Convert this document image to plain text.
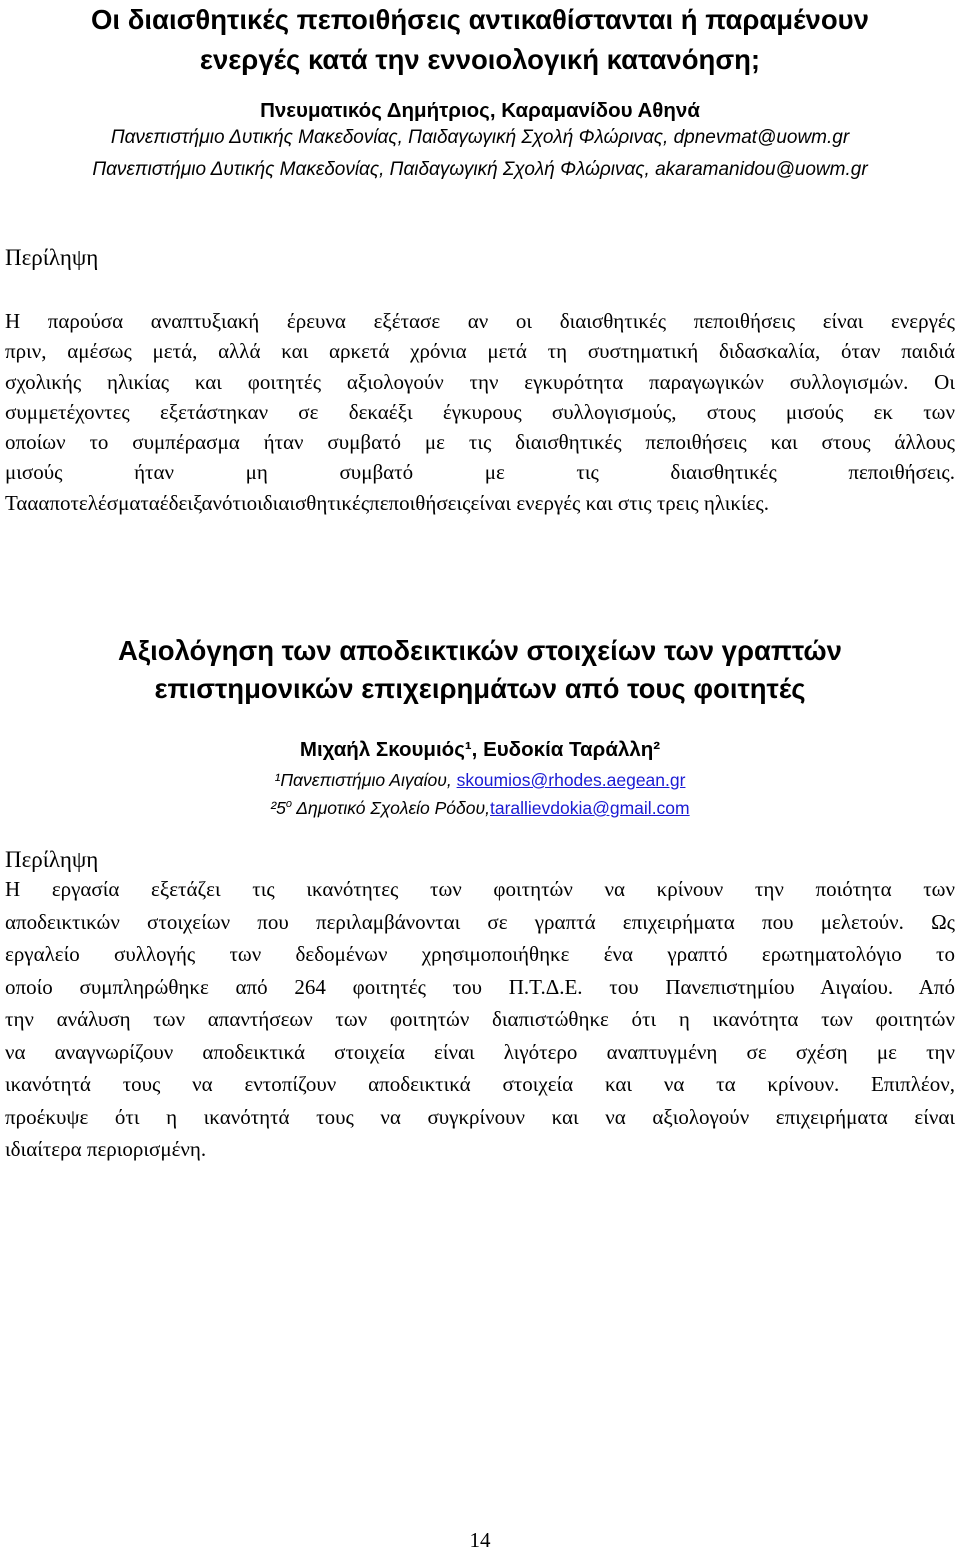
Οι διαισθητικές πεποιθήσεις αντικαθίστανται ή παραμένουν
ενεργές κατά την εννοιολογική κατανόηση;
Πνευματικός Δημήτριος, Καραμανίδου Αθηνά
Πανεπιστήμιο Δυτικής Μακεδονίας, Παιδαγωγική Σχολή Φλώρινας, dpnevmat@uowm.gr
Πανεπιστήμιο Δυτικής Μακεδονίας, Παιδαγωγική Σχολή Φλώρινας, akaramanidou@uowm.gr
Περίληψη
Η παρούσα αναπτυξιακή έρευνα εξέτασε αν οι διαισθητικές πεποιθήσεις είναι ενεργές
πριν, αμέσως μετά, αλλά και αρκετά χρόνια μετά τη συστηματική διδασκαλία, όταν παιδιά
σχολικής ηλικίας και φοιτητές αξιολογούν την εγκυρότητα παραγωγικών συλλογισμών. Οι
συμμετέχοντες εξετάστηκαν σε δεκαέξι έγκυρους συλλογισμούς, στους μισούς εκ των
οποίων το συμπέρασμα ήταν συμβατό με τις διαισθητικές πεποιθήσεις και στους άλλους
μισούς ήταν μη συμβατό με τις διαισθητικές πεποιθήσεις.
Ταααποτελέσματαέδειξανότιοιδιαισθητικέςπεποιθήσειςείναι ενεργές και στις τρεις ηλικίες.
Αξιολόγηση των αποδεικτικών στοιχείων των γραπτών
επιστημονικών επιχειρημάτων από τους φοιτητές
Μιχαήλ Σκουμιός¹, Ευδοκία Ταράλλη²
¹Πανεπιστήμιο Αιγαίου, skoumios@rhodes.aegean.gr
$^25^o$ Δημοτικό Σχολείο Ρόδου,tarallievdokia@gmail.com
Περίληψη
Η εργασία εξετάζει τις ικανότητες των φοιτητών να κρίνουν την ποιότητα των
αποδεικτικών στοιχείων που περιλαμβάνονται σε γραπτά επιχειρήματα που μελετούν. Ως
εργαλείο συλλογής των δεδομένων χρησιμοποιήθηκε ένα γραπτό ερωτηματολόγιο το
οποίο συμπληρώθηκε από 264 φοιτητές του Π.Τ.Δ.Ε. του Πανεπιστημίου Αιγαίου. Από
την ανάλυση των απαντήσεων των φοιτητών διαπιστώθηκε ότι η ικανότητα των φοιτητών
να αναγνωρίζουν αποδεικτικά στοιχεία είναι λιγότερο αναπτυγμένη σε σχέση με την
ικανότητά τους να εντοπίζουν αποδεικτικά στοιχεία και να τα κρίνουν. Επιπλέον,
προέκυψε ότι η ικανότητά τους να συγκρίνουν και να αξιολογούν επιχειρήματα είναι
ιδιαίτερα περιορισμένη.
14
